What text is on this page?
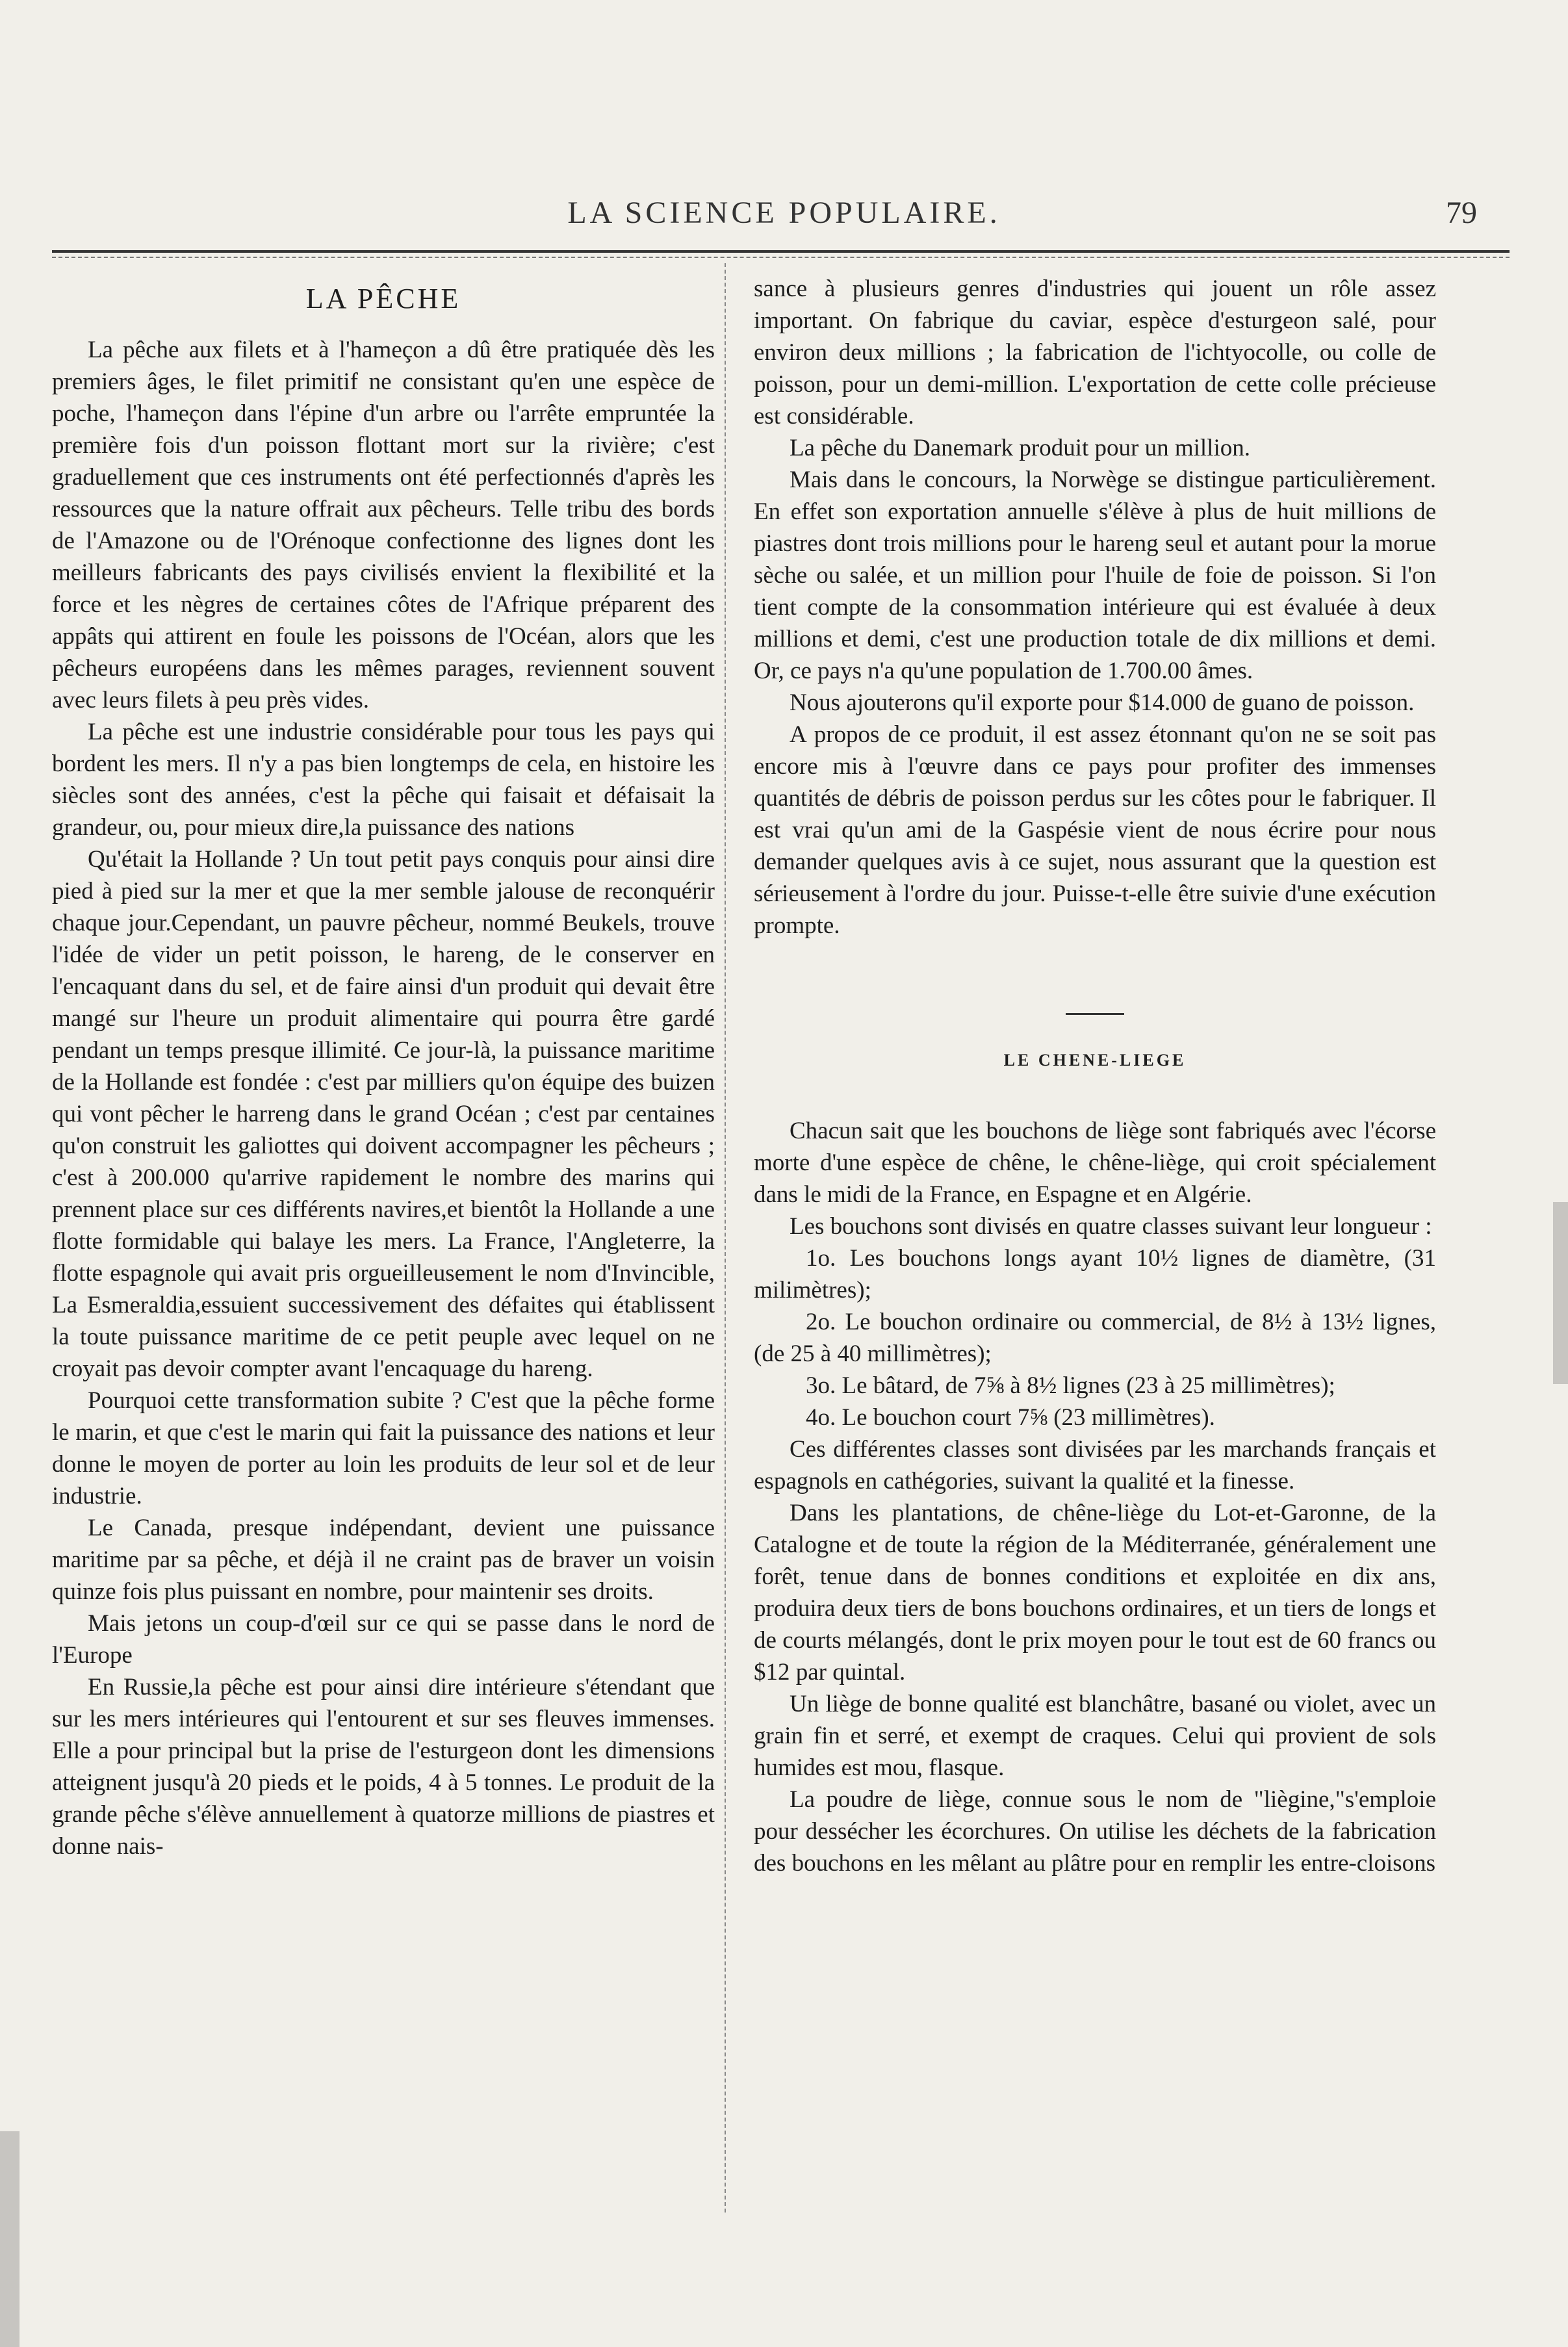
LA SCIENCE POPULAIRE.	79
LA PÊCHE

La pêche aux filets et à l'hameçon a dû être pratiquée dès les premiers âges, le filet primitif ne consistant qu'en une espèce de poche, l'hameçon dans l'épine d'un arbre ou l'arrête empruntée la première fois d'un poisson flottant mort sur la rivière; c'est graduellement que ces instruments ont été perfectionnés d'après les ressources que la nature offrait aux pêcheurs. Telle tribu des bords de l'Amazone ou de l'Orénoque confectionne des lignes dont les meilleurs fabricants des pays civilisés envient la flexibilité et la force et les nègres de certaines côtes de l'Afrique préparent des appâts qui attirent en foule les poissons de l'Océan, alors que les pêcheurs européens dans les mêmes parages, reviennent souvent avec leurs filets à peu près vides.

La pêche est une industrie considérable pour tous les pays qui bordent les mers. Il n'y a pas bien longtemps de cela, en histoire les siècles sont des années, c'est la pêche qui faisait et défaisait la grandeur, ou, pour mieux dire,la puissance des nations

Qu'était la Hollande ? Un tout petit pays conquis pour ainsi dire pied à pied sur la mer et que la mer semble jalouse de reconquérir chaque jour.Cependant, un pauvre pêcheur, nommé Beukels, trouve l'idée de vider un petit poisson, le hareng, de le conserver en l'encaquant dans du sel, et de faire ainsi d'un produit qui devait être mangé sur l'heure un produit alimentaire qui pourra être gardé pendant un temps presque illimité. Ce jour-là, la puissance maritime de la Hollande est fondée : c'est par milliers qu'on équipe des buizen qui vont pêcher le harreng dans le grand Océan ; c'est par centaines qu'on construit les galiottes qui doivent accompagner les pêcheurs ; c'est à 200.000 qu'arrive rapidement le nombre des marins qui prennent place sur ces différents navires,et bientôt la Hollande a une flotte formidable qui balaye les mers. La France, l'Angleterre, la flotte espagnole qui avait pris orgueilleusement le nom d'Invincible, La Esmeraldia,essuient successivement des défaites qui établissent la toute puissance maritime de ce petit peuple avec lequel on ne croyait pas devoir compter avant l'encaquage du hareng.

Pourquoi cette transformation subite ? C'est que la pêche forme le marin, et que c'est le marin qui fait la puissance des nations et leur donne le moyen de porter au loin les produits de leur sol et de leur industrie.

Le Canada, presque indépendant, devient une puissance maritime par sa pêche, et déjà il ne craint pas de braver un voisin quinze fois plus puissant en nombre, pour maintenir ses droits.

Mais jetons un coup-d'œil sur ce qui se passe dans le nord de l'Europe

En Russie,la pêche est pour ainsi dire intérieure s'étendant que sur les mers intérieures qui l'entourent et sur ses fleuves immenses. Elle a pour principal but la prise de l'esturgeon dont les dimensions atteignent jusqu'à 20 pieds et le poids, 4 à 5 tonnes. Le produit de la grande pêche s'élève annuellement à quatorze millions de piastres et donne nais-

sance à plusieurs genres d'industries qui jouent un rôle assez important. On fabrique du caviar, espèce d'esturgeon salé, pour environ deux millions ; la fabrication de l'ichtyocolle, ou colle de poisson, pour un demi-million. L'exportation de cette colle précieuse est considérable.

La pêche du Danemark produit pour un million.

Mais dans le concours, la Norwège se distingue particulièrement. En effet son exportation annuelle s'élève à plus de huit millions de piastres dont trois millions pour le hareng seul et autant pour la morue sèche ou salée, et un million pour l'huile de foie de poisson. Si l'on tient compte de la consommation intérieure qui est évaluée à deux millions et demi, c'est une production totale de dix millions et demi. Or, ce pays n'a qu'une population de 1.700.00 âmes.

Nous ajouterons qu'il exporte pour $14.000 de guano de poisson.

A propos de ce produit, il est assez étonnant qu'on ne se soit pas encore mis à l'œuvre dans ce pays pour profiter des immenses quantités de débris de poisson perdus sur les côtes pour le fabriquer. Il est vrai qu'un ami de la Gaspésie vient de nous écrire pour nous demander quelques avis à ce sujet, nous assurant que la question est sérieusement à l'ordre du jour. Puisse-t-elle être suivie d'une exécution prompte.

LE CHENE-LIEGE

Chacun sait que les bouchons de liège sont fabriqués avec l'écorse morte d'une espèce de chêne, le chêne-liège, qui croit spécialement dans le midi de la France, en Espagne et en Algérie.

Les bouchons sont divisés en quatre classes suivant leur longueur :

1o. Les bouchons longs ayant 10½ lignes de diamètre, (31 milimètres);

2o. Le bouchon ordinaire ou commercial, de 8½ à 13½ lignes, (de 25 à 40 millimètres);

3o. Le bâtard, de 7⅝ à 8½ lignes (23 à 25 millimètres);

4o. Le bouchon court 7⅝ (23 millimètres).

Ces différentes classes sont divisées par les marchands français et espagnols en cathégories, suivant la qualité et la finesse.

Dans les plantations, de chêne-liège du Lot-et-Garonne, de la Catalogne et de toute la région de la Méditerranée, généralement une forêt, tenue dans de bonnes conditions et exploitée en dix ans, produira deux tiers de bons bouchons ordinaires, et un tiers de longs et de courts mélangés, dont le prix moyen pour le tout est de 60 francs ou $12 par quintal.

Un liège de bonne qualité est blanchâtre, basané ou violet, avec un grain fin et serré, et exempt de craques. Celui qui provient de sols humides est mou, flasque.

La poudre de liège, connue sous le nom de "liègine,"s'emploie pour dessécher les écorchures. On utilise les déchets de la fabrication des bouchons en les mêlant au plâtre pour en remplir les entre-cloisons
